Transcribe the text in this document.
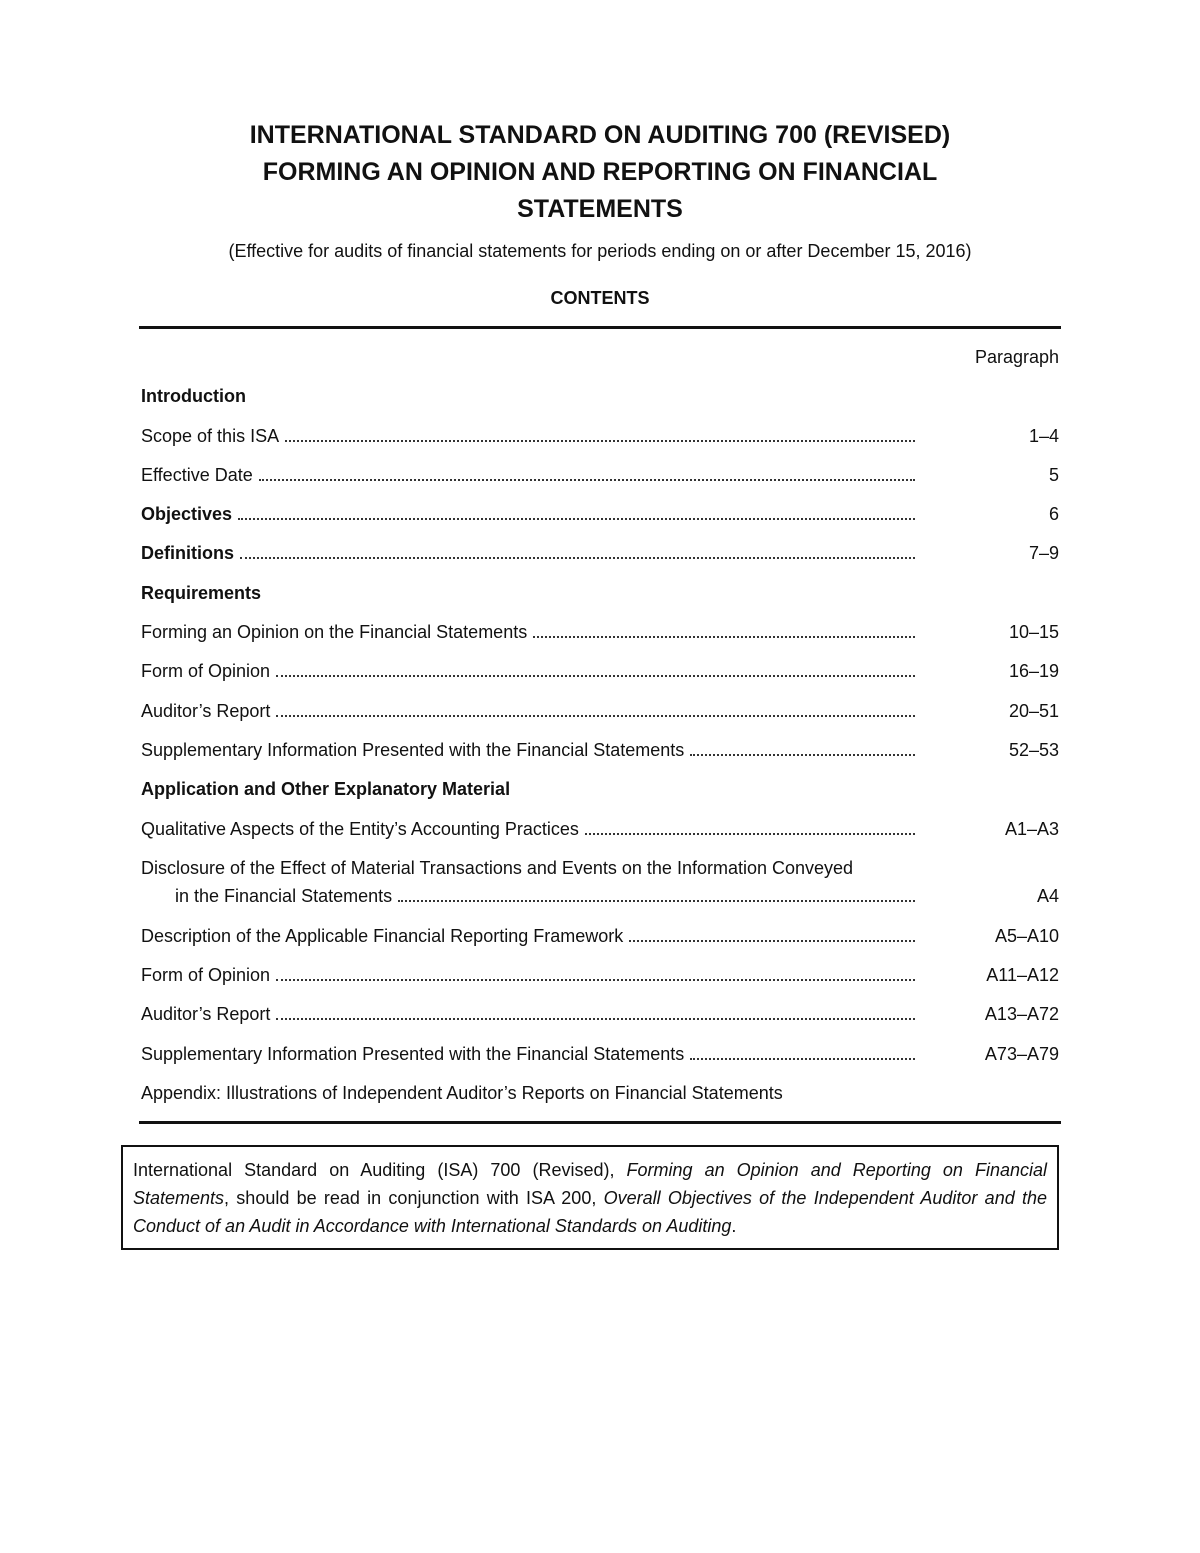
INTERNATIONAL STANDARD ON AUDITING 700 (REVISED)
FORMING AN OPINION AND REPORTING ON FINANCIAL
STATEMENTS
(Effective for audits of financial statements for periods ending on or after December 15, 2016)
CONTENTS
Paragraph
Introduction
Scope of this ISA	1–4
Effective Date	5
Objectives	6
Definitions	7–9
Requirements
Forming an Opinion on the Financial Statements	10–15
Form of Opinion	16–19
Auditor’s Report	20–51
Supplementary Information Presented with the Financial Statements	52–53
Application and Other Explanatory Material
Qualitative Aspects of the Entity’s Accounting Practices	A1–A3
Disclosure of the Effect of Material Transactions and Events on the Information Conveyed
in the Financial Statements	A4
Description of the Applicable Financial Reporting Framework	A5–A10
Form of Opinion	A11–A12
Auditor’s Report	A13–A72
Supplementary Information Presented with the Financial Statements	A73–A79
Appendix: Illustrations of Independent Auditor’s Reports on Financial Statements
International Standard on Auditing (ISA) 700 (Revised), Forming an Opinion and Reporting on Financial Statements, should be read in conjunction with ISA 200, Overall Objectives of the Independent Auditor and the Conduct of an Audit in Accordance with International Standards on Auditing.
